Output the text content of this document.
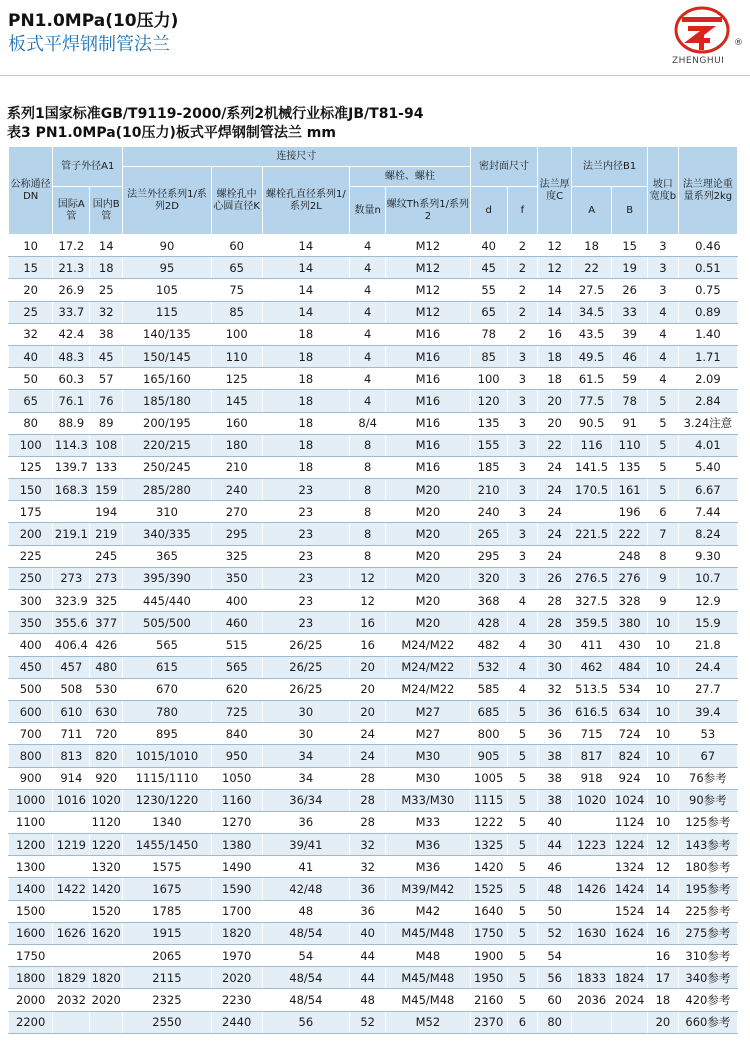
PN1.0MPa(10压力)
板式平焊钢制管法兰	®
ZHENGHUI
系列1国家标准GB/T9119-2000/系列2机械行业标准JB/T81-94
表3 PN1.0MPa(10压力)板式平焊钢制管法兰 mm
公称通径DN	管子外径A1		连接尺寸					密封面尺寸		法兰厚度C	法兰内径B1		坡口宽度b	法兰理论重量系列2kg
			法兰外径系列1/系列2D	螺栓孔中心圆直径K	螺栓孔直径系列1/系列2L	螺栓、螺柱								
	国际A管	国内B管				数量n	螺纹Th系列1/系列2	d	f		A	B		
10	17.2	14	90	60	14	4	M12	40	2	12	18	15	3	0.46
15	21.3	18	95	65	14	4	M12	45	2	12	22	19	3	0.51
20	26.9	25	105	75	14	4	M12	55	2	14	27.5	26	3	0.75
25	33.7	32	115	85	14	4	M12	65	2	14	34.5	33	4	0.89
32	42.4	38	140/135	100	18	4	M16	78	2	16	43.5	39	4	1.40
40	48.3	45	150/145	110	18	4	M16	85	3	18	49.5	46	4	1.71
50	60.3	57	165/160	125	18	4	M16	100	3	18	61.5	59	4	2.09
65	76.1	76	185/180	145	18	4	M16	120	3	20	77.5	78	5	2.84
80	88.9	89	200/195	160	18	8/4	M16	135	3	20	90.5	91	5	3.24注意
100	114.3	108	220/215	180	18	8	M16	155	3	22	116	110	5	4.01
125	139.7	133	250/245	210	18	8	M16	185	3	24	141.5	135	5	5.40
150	168.3	159	285/280	240	23	8	M20	210	3	24	170.5	161	5	6.67
175		194	310	270	23	8	M20	240	3	24		196	6	7.44
200	219.1	219	340/335	295	23	8	M20	265	3	24	221.5	222	7	8.24
225		245	365	325	23	8	M20	295	3	24		248	8	9.30
250	273	273	395/390	350	23	12	M20	320	3	26	276.5	276	9	10.7
300	323.9	325	445/440	400	23	12	M20	368	4	28	327.5	328	9	12.9
350	355.6	377	505/500	460	23	16	M20	428	4	28	359.5	380	10	15.9
400	406.4	426	565	515	26/25	16	M24/M22	482	4	30	411	430	10	21.8
450	457	480	615	565	26/25	20	M24/M22	532	4	30	462	484	10	24.4
500	508	530	670	620	26/25	20	M24/M22	585	4	32	513.5	534	10	27.7
600	610	630	780	725	30	20	M27	685	5	36	616.5	634	10	39.4
700	711	720	895	840	30	24	M27	800	5	36	715	724	10	53
800	813	820	1015/1010	950	34	24	M30	905	5	38	817	824	10	67
900	914	920	1115/1110	1050	34	28	M30	1005	5	38	918	924	10	76参考
1000	1016	1020	1230/1220	1160	36/34	28	M33/M30	1115	5	38	1020	1024	10	90参考
1100		1120	1340	1270	36	28	M33	1222	5	40		1124	10	125参考
1200	1219	1220	1455/1450	1380	39/41	32	M36	1325	5	44	1223	1224	12	143参考
1300		1320	1575	1490	41	32	M36	1420	5	46		1324	12	180参考
1400	1422	1420	1675	1590	42/48	36	M39/M42	1525	5	48	1426	1424	14	195参考
1500		1520	1785	1700	48	36	M42	1640	5	50		1524	14	225参考
1600	1626	1620	1915	1820	48/54	40	M45/M48	1750	5	52	1630	1624	16	275参考
1750			2065	1970	54	44	M48	1900	5	54			16	310参考
1800	1829	1820	2115	2020	48/54	44	M45/M48	1950	5	56	1833	1824	17	340参考
2000	2032	2020	2325	2230	48/54	48	M45/M48	2160	5	60	2036	2024	18	420参考
2200			2550	2440	56	52	M52	2370	6	80			20	660参考
